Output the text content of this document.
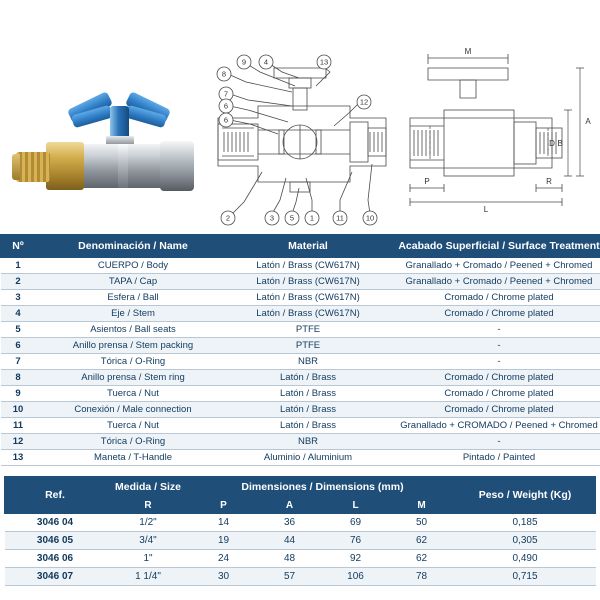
8
9 4
7
6
6
13
12
2	3 5 1	11	10
M
A
B
D
L
P	R
Nº	Denominación / Name	Material	Acabado Superficial / Surface Treatment
1	CUERPO / Body	Latón / Brass (CW617N)	Granallado + Cromado / Peened + Chromed
2	TAPA / Cap	Latón / Brass (CW617N)	Granallado + Cromado / Peened + Chromed
3	Esfera / Ball	Latón / Brass (CW617N)	Cromado / Chrome plated
4	Eje / Stem	Latón / Brass (CW617N)	Cromado / Chrome plated
5	Asientos / Ball seats	PTFE	-
6	Anillo prensa / Stem packing	PTFE	-
7	Tórica / O-Ring	NBR	-
8	Anillo prensa / Stem ring	Latón / Brass	Cromado / Chrome plated
9	Tuerca / Nut	Latón / Brass	Cromado / Chrome plated
10	Conexión / Male connection	Latón / Brass	Cromado / Chrome plated
11	Tuerca / Nut	Latón / Brass	Granallado + CROMADO / Peened + Chromed
12	Tórica / O-Ring	NBR	-
13	Maneta / T-Handle	Aluminio / Aluminium	Pintado / Painted
Ref.	Medida / Size	Dimensiones / Dimensions (mm)				Peso / Weight (Kg)
	R	P	A	L	M	
3046 04	1/2"	14	36	69	50	0,185
3046 05	3/4"	19	44	76	62	0,305
3046 06	1"	24	48	92	62	0,490
3046 07	1 1/4"	30	57	106	78	0,715
